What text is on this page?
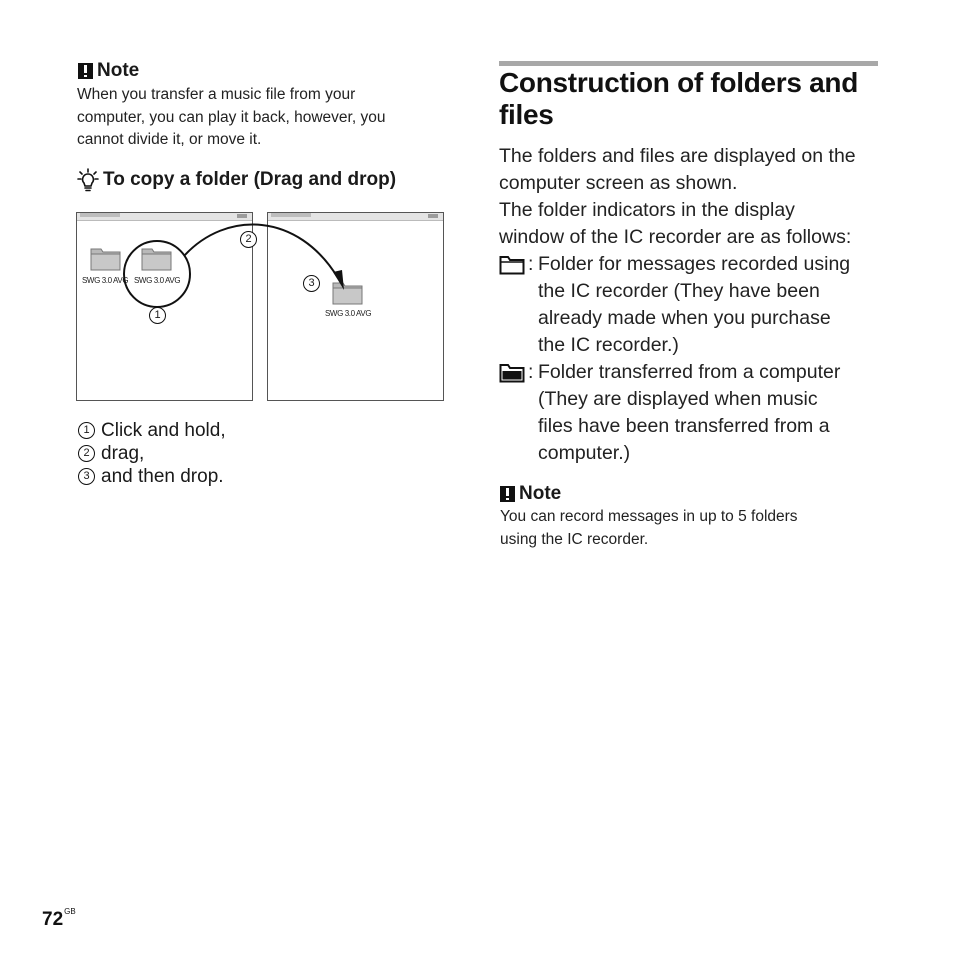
Note
When you transfer a music file from your
computer, you can play it back, however, you
cannot divide it, or move it.
To copy a folder (Drag and drop)
SWG 3.0 AVG SWG 3.0 AVG
SWG 3.0 AVG
1
2
3
1 Click and hold,
2 drag,
3 and then drop.
Construction of folders and
files
The folders and files are displayed on the
computer screen as shown.
The folder indicators in the display
window of the IC recorder are as follows:
: Folder for messages recorded using
the IC recorder (They have been
already made when you purchase
the IC recorder.)
: Folder transferred from a computer
(They are displayed when music
files have been transferred from a
computer.)
Note
You can record messages in up to 5 folders
using the IC recorder.
$72^{GB}$
